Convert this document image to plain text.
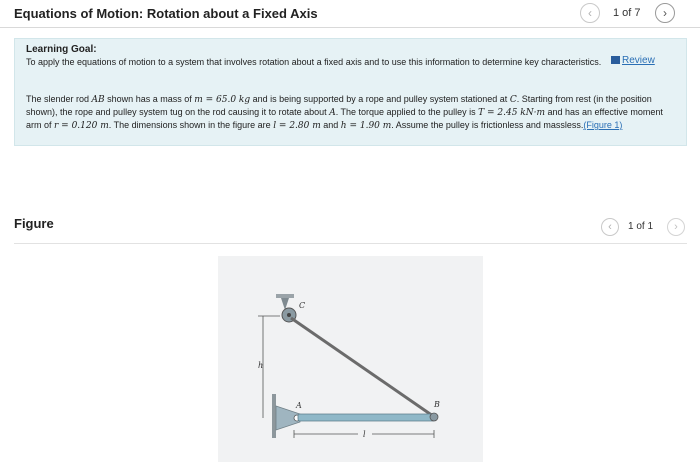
Equations of Motion: Rotation about a Fixed Axis	‹	1 of 7	›
Learning Goal:
To apply the equations of motion to a system that involves rotation about a fixed axis and to use this information to determine key characteristics.	Review
The slender rod AB shown has a mass of m = 65.0 kg and is being supported by a rope and pulley system stationed at C. Starting from rest (in the position shown), the rope and pulley system tug on the rod causing it to rotate about A. The torque applied to the pulley is T = 2.45 kN·m and has an effective moment arm of r = 0.120 m. The dimensions shown in the figure are l = 2.80 m and h = 1.90 m. Assume the pulley is frictionless and massless.(Figure 1)
Figure	‹	1 of 1	›
h
C
A	B
l
